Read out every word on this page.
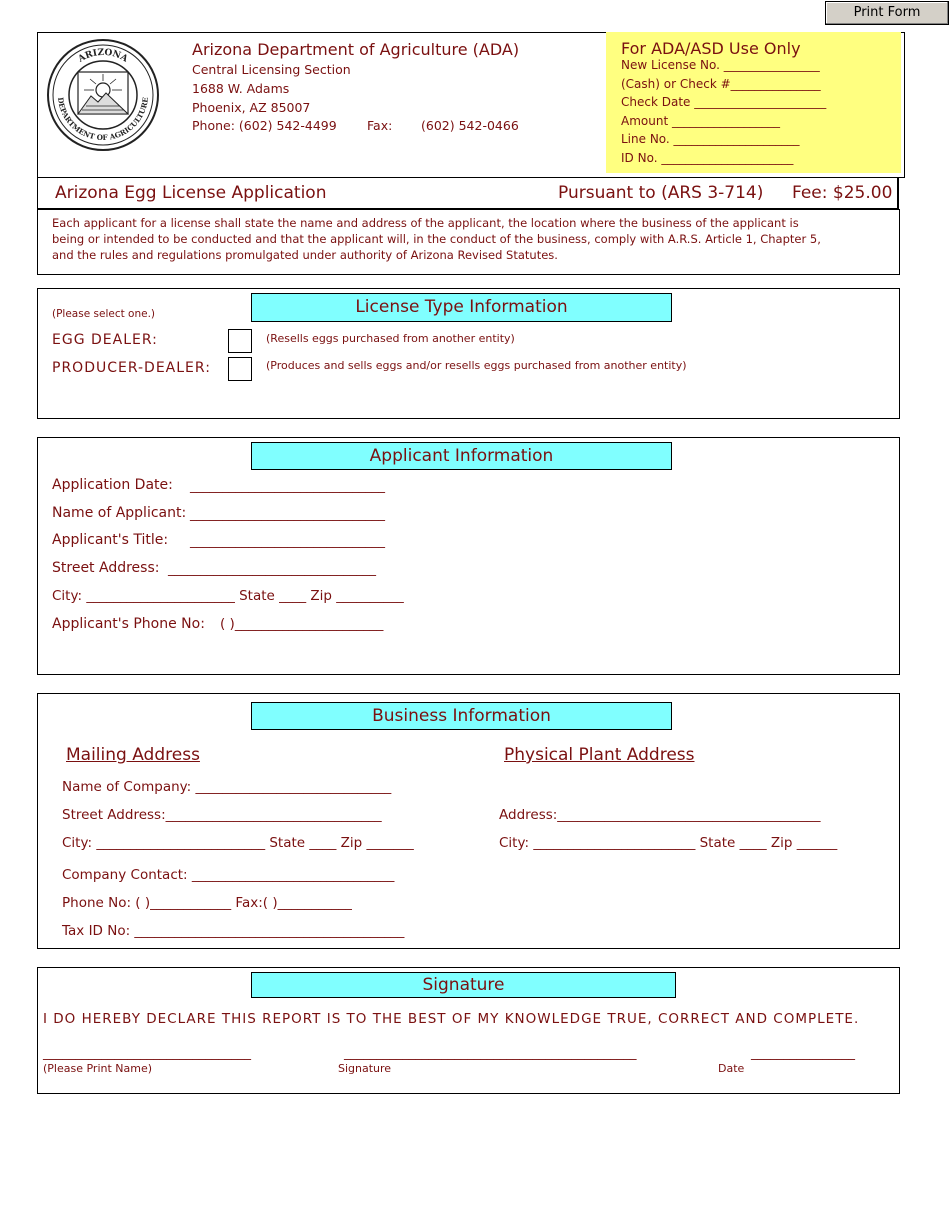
Print Form
ARIZONA
DEPARTMENT OF AGRICULTURE
Arizona Department of Agriculture (ADA)
Central Licensing Section
1688 W. Adams
Phoenix, AZ 85007
Phone: (602) 542-4499 Fax: (602) 542-0466
For ADA/ASD Use Only
New License No. ________________
(Cash) or Check #_______________
Check Date ______________________
Amount __________________
Line No. _____________________
ID No. ______________________
Arizona Egg License Application	Pursuant to (ARS 3-714) Fee: $25.00
Each applicant for a license shall state the name and address of the applicant, the location where the business of the applicant is
being or intended to be conducted and that the applicant will, in the conduct of the business, comply with A.R.S. Article 1, Chapter 5,
and the rules and regulations promulgated under authority of Arizona Revised Statutes.
License Type Information
(Please select one.)
EGG DEALER:	(Resells eggs purchased from another entity)
PRODUCER-DEALER:	(Produces and sells eggs and/or resells eggs purchased from another entity)
Applicant Information
Application Date: ______________________________
Name of Applicant: ______________________________
Applicant's Title: ______________________________
Street Address: ________________________________
City: ______________________ State ____ Zip __________
Applicant's Phone No: ( )______________________
Business Information
Mailing Address	Physical Plant Address
Name of Company: _____________________________
Street Address:________________________________
City: _________________________ State ____ Zip _______
Company Contact: ______________________________
Phone No: ( )____________ Fax:( )___________
Tax ID No: ________________________________________
Address:_______________________________________
City: ________________________ State ____ Zip ______
Signature
I DO HEREBY DECLARE THIS REPORT IS TO THE BEST OF MY KNOWLEDGE TRUE, CORRECT AND COMPLETE.
________________________________	_____________________________________________	________________
(Please Print Name)	Signature	Date
